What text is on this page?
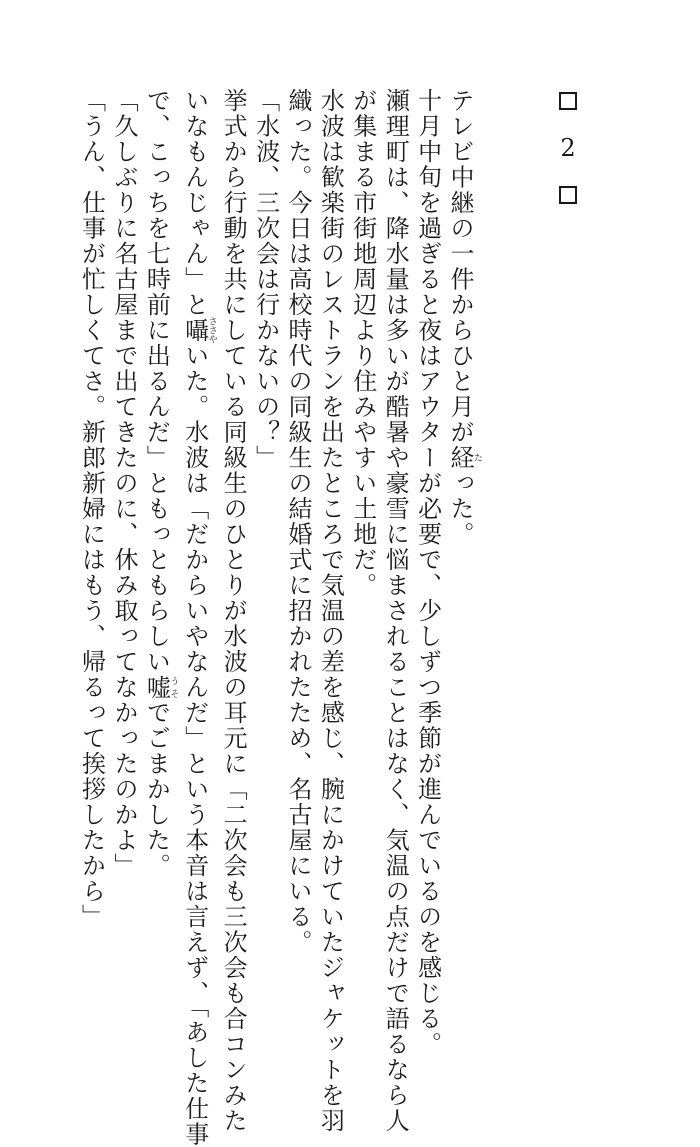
2

テレビ中継の一件からひと月が経たった。

十月中旬を過ぎると夜はアウターが必要で、少しずつ季節が進んでいるのを感じる。

瀬理町は、降水量は多いが酷暑や豪雪に悩まされることはなく、気温の点だけで語るなら人

が集まる市街地周辺より住みやすい土地だ。

水波は歓楽街のレストランを出たところで気温の差を感じ、腕にかけていたジャケットを羽

織った。今日は高校時代の同級生の結婚式に招かれたため、名古屋にいる。

「水波、三次会は行かないの？」

挙式から行動を共にしている同級生のひとりが水波の耳元に「二次会も三次会も合コンみた

いなもんじゃん」と囁ささやいた。水波は「だからいやなんだ」という本音は言えず、「あした仕事

で、こっちを七時前に出るんだ」ともっともらしい嘘うそでごまかした。

「久しぶりに名古屋まで出てきたのに、休み取ってなかったのかよ」

「うん、仕事が忙しくてさ。新郎新婦にはもう、帰るって挨拶したから」
